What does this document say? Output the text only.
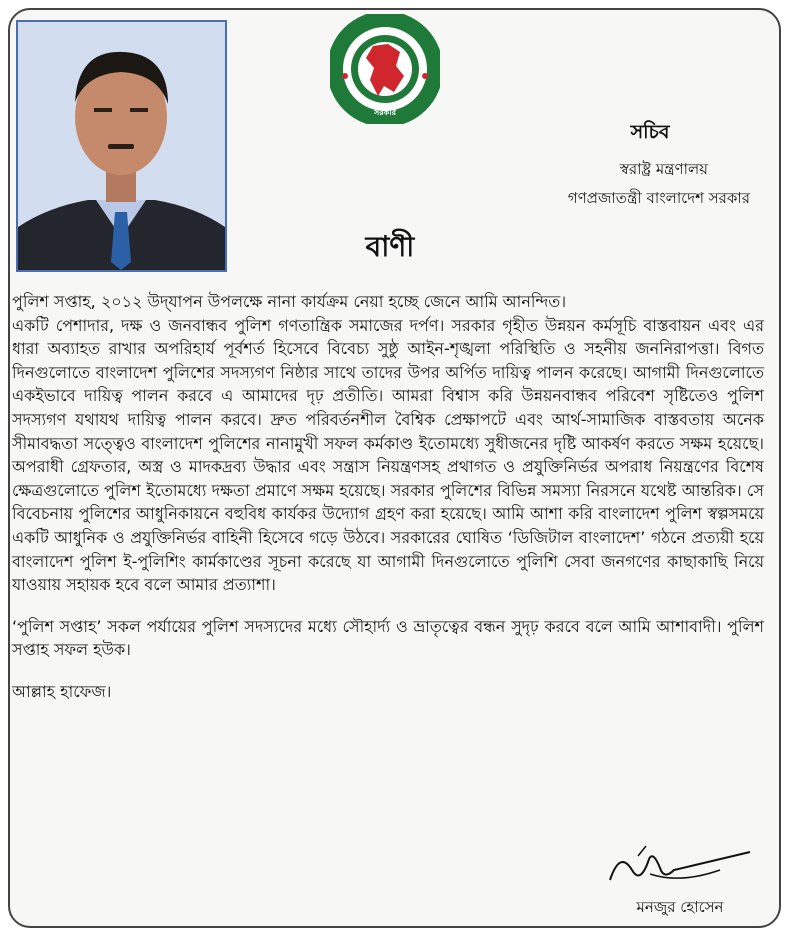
সরকার
সচিব
স্বরাষ্ট্র মন্ত্রণালয়
গণপ্রজাতন্ত্রী বাংলাদেশ সরকার
বাণী

পুলিশ সপ্তাহ, ২০১২ উদ্‌যাপন উপলক্ষে নানা কার্যক্রম নেয়া হচ্ছে জেনে আমি আনন্দিত।

একটি পেশাদার, দক্ষ ও জনবান্ধব পুলিশ গণতান্ত্রিক সমাজের দর্পণ। সরকার গৃহীত উন্নয়ন কর্মসূচি বাস্তবায়ন এবং এর ধারা অব্যাহত রাখার অপরিহার্য পূর্বশর্ত হিসেবে বিবেচ্য সুষ্ঠু আইন-শৃঙ্খলা পরিস্থিতি ও সহনীয় জননিরাপত্তা। বিগত দিনগুলোতে বাংলাদেশ পুলিশের সদস্যগণ নিষ্ঠার সাথে তাদের উপর অর্পিত দায়িত্ব পালন করেছে। আগামী দিনগুলোতে একইভাবে দায়িত্ব পালন করবে এ আমাদের দৃঢ় প্রতীতি। আমরা বিশ্বাস করি উন্নয়নবান্ধব পরিবেশ সৃষ্টিতেও পুলিশ সদস্যগণ যথাযথ দায়িত্ব পালন করবে। দ্রুত পরিবর্তনশীল বৈশ্বিক প্রেক্ষাপটে এবং আর্থ-সামাজিক বাস্তবতায় অনেক সীমাবদ্ধতা সত্ত্বেও বাংলাদেশ পুলিশের নানামুখী সফল কর্মকাণ্ড ইতোমধ্যে সুধীজনের দৃষ্টি আকর্ষণ করতে সক্ষম হয়েছে। অপরাধী গ্রেফতার, অস্ত্র ও মাদকদ্রব্য উদ্ধার এবং সন্ত্রাস নিয়ন্ত্রণসহ প্রথাগত ও প্রযুক্তিনির্ভর অপরাধ নিয়ন্ত্রণের বিশেষ ক্ষেত্রগুলোতে পুলিশ ইতোমধ্যে দক্ষতা প্রমাণে সক্ষম হয়েছে। সরকার পুলিশের বিভিন্ন সমস্যা নিরসনে যথেষ্ট আন্তরিক। সে বিবেচনায় পুলিশের আধুনিকায়নে বহুবিধ কার্যকর উদ্যোগ গ্রহণ করা হয়েছে। আমি আশা করি বাংলাদেশ পুলিশ স্বল্পসময়ে একটি আধুনিক ও প্রযুক্তিনির্ভর বাহিনী হিসেবে গড়ে উঠবে। সরকারের ঘোষিত ‘ডিজিটাল বাংলাদেশ’ গঠনে প্রত্যয়ী হয়ে বাংলাদেশ পুলিশ ই-পুলিশিং কার্মকাণ্ডের সূচনা করেছে যা আগামী দিনগুলোতে পুলিশি সেবা জনগণের কাছাকাছি নিয়ে যাওয়ায় সহায়ক হবে বলে আমার প্রত্যাশা।

‘পুলিশ সপ্তাহ’ সকল পর্যায়ের পুলিশ সদস্যদের মধ্যে সৌহার্দ্য ও ভ্রাতৃত্বের বন্ধন সুদৃঢ় করবে বলে আমি আশাবাদী। পুলিশ সপ্তাহ সফল হউক।

আল্লাহ হাফেজ।

মনজুর হোসেন
